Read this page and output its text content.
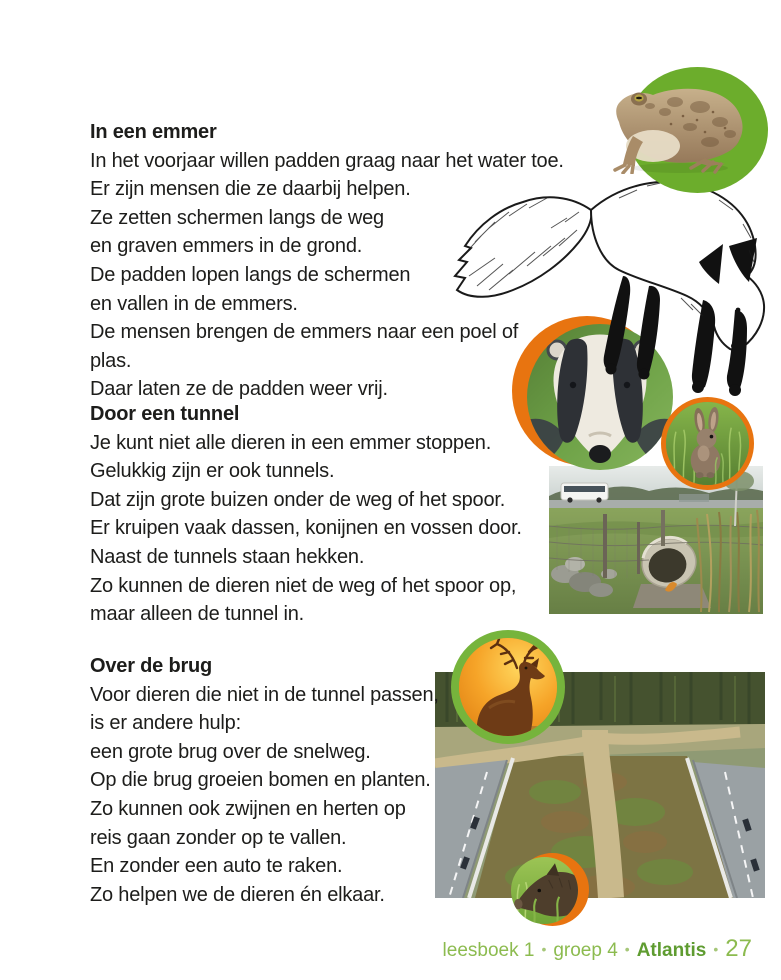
In een emmer

In het voorjaar willen padden graag naar het water toe.

Er zijn mensen die ze daarbij helpen.

Ze zetten schermen langs de weg

en graven emmers in de grond.

De padden lopen langs de schermen

en vallen in de emmers.

De mensen brengen de emmers naar een poel of plas.

Daar laten ze de padden weer vrij.

Door een tunnel

Je kunt niet alle dieren in een emmer stoppen.

Gelukkig zijn er ook tunnels.

Dat zijn grote buizen onder de weg of het spoor.

Er kruipen vaak dassen, konijnen en vossen door.

Naast de tunnels staan hekken.

Zo kunnen de dieren niet de weg of het spoor op,

maar alleen de tunnel in.

Over de brug

Voor dieren die niet in de tunnel passen,

is er andere hulp:

een grote brug over de snelweg.

Op die brug groeien bomen en planten.

Zo kunnen ook zwijnen en herten op

reis gaan zonder op te vallen.

En zonder een auto te raken.

Zo helpen we de dieren én elkaar.

leesboek 1 • groep 4 • Atlantis • 27
